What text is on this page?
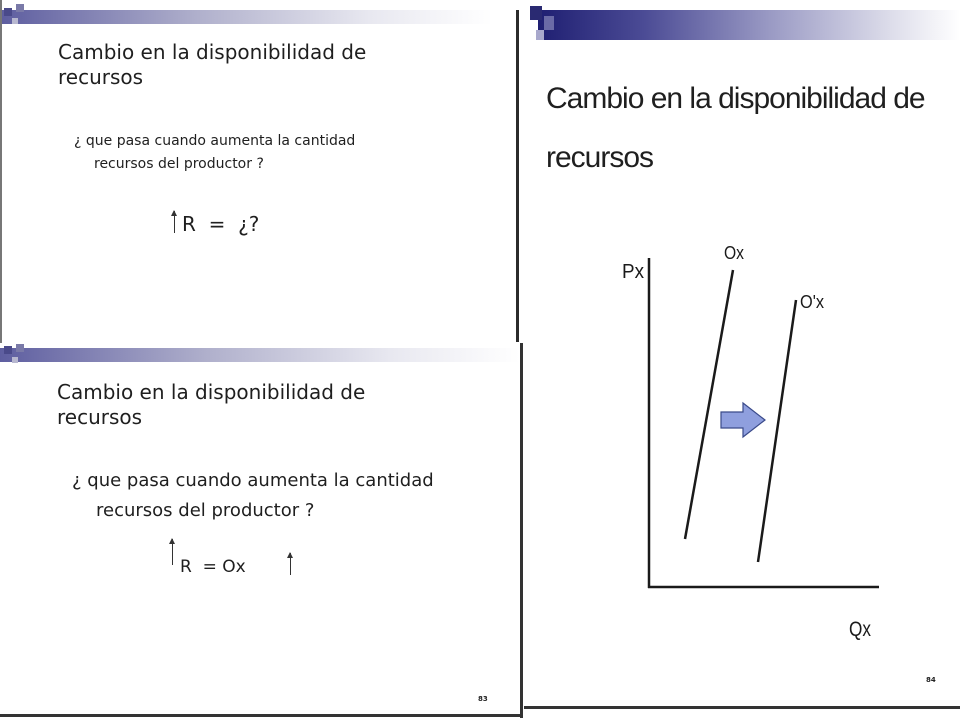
Cambio en la disponibilidad de
recursos
¿ que pasa cuando aumenta la cantidad
recursos del productor ?
R  =  ¿?
Cambio en la disponibilidad de
recursos
¿ que pasa cuando aumenta la cantidad
recursos del productor ?
R  = Ox
83
Cambio en la disponibilidad de
recursos
Px
Qx
Ox
O'x
84
